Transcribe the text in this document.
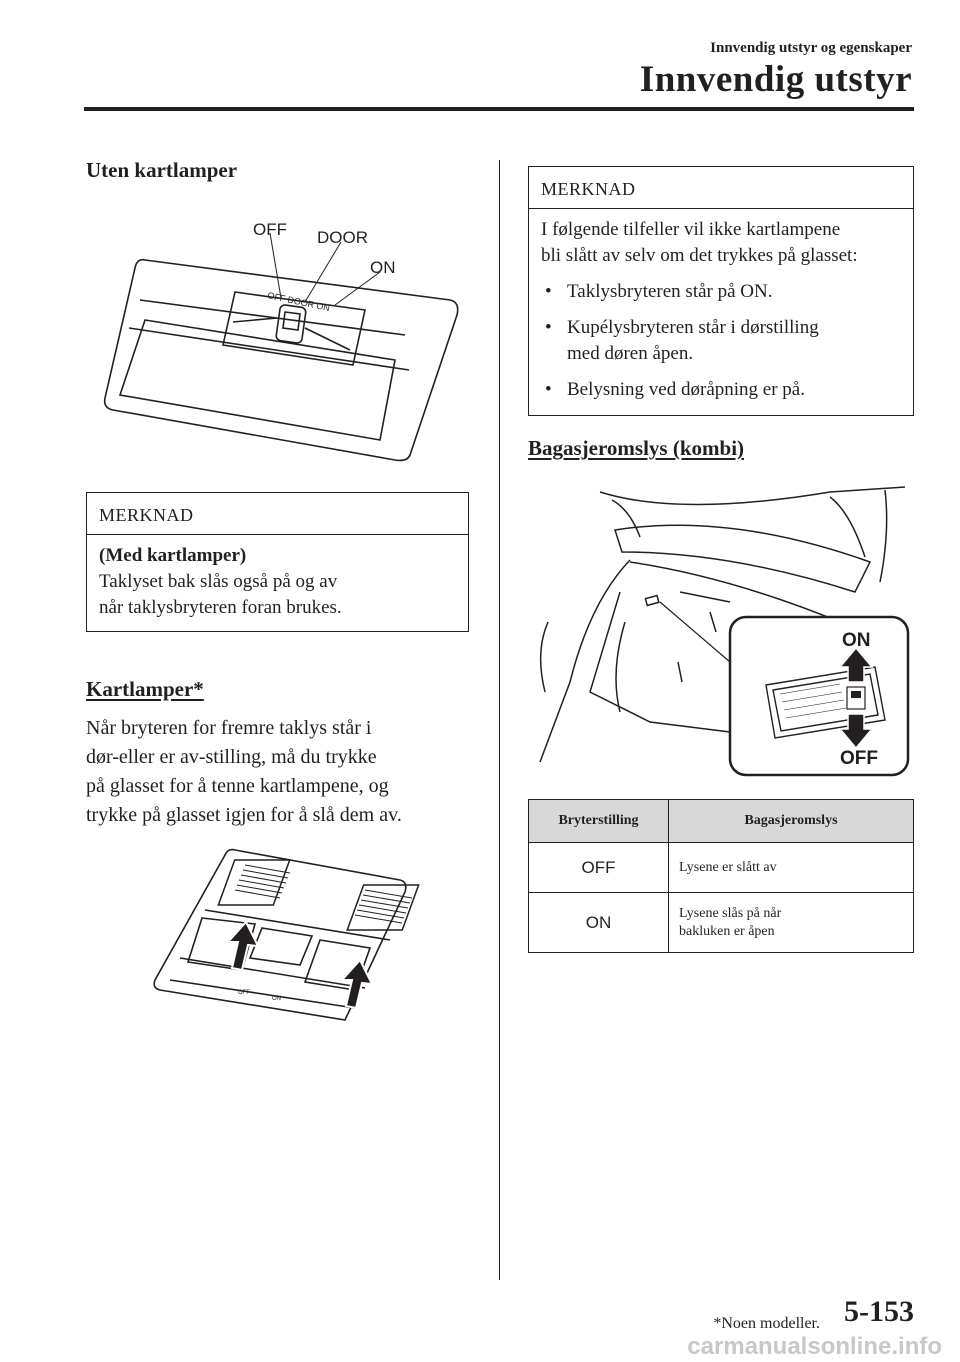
Innvendig utstyr og egenskaper
Innvendig utstyr
Uten kartlamper
OFF DOOR
ON
OFF DOOR ON
MERKNAD
(Med kartlamper)
Taklyset bak slås også på og av
når taklysbryteren foran brukes.
Kartlamper*
Når bryteren for fremre taklys står i
dør-eller er av-stilling, må du trykke
på glasset for å tenne kartlampene, og
trykke på glasset igjen for å slå dem av.
OFF
ON
MERKNAD
I følgende tilfeller vil ikke kartlampene
bli slått av selv om det trykkes på glasset:
• Taklysbryteren står på ON.
• Kupélysbryteren står i dørstilling
med døren åpen.
• Belysning ved døråpning er på.
Bagasjeromslys (kombi)
ON
OFF
Bryterstilling	Bagasjeromslys
OFF	Lysene er slått av
ON	Lysene slås på når
bakluken er åpen
*Noen modeller. 5-153
carmanualsonline.info
